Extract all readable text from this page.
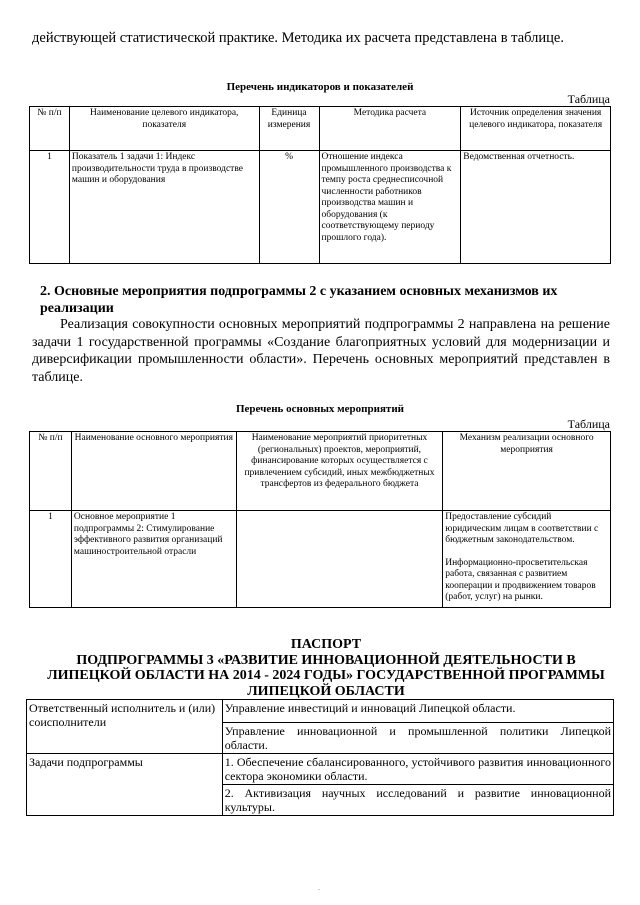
действующей статистической практике. Методика их расчета представлена в таблице.
Перечень индикаторов и показателей
Таблица
№ п/п	Наименование целевого индикатора, показателя	Единица измерения	Методика расчета	Источник определения значения целевого индикатора, показателя
1	Показатель 1 задачи 1: Индекс производительности труда в производстве машин и оборудования	%	Отношение индекса промышленного производства к темпу роста среднесписочной численности работников производства машин и оборудования (к соответствующему периоду прошлого года).	Ведомственная отчетность.
2. Основные мероприятия подпрограммы 2 с указанием основных механизмов их реализации
Реализация совокупности основных мероприятий подпрограммы 2 направлена на решение задачи 1 государственной программы «Создание благоприятных условий для модернизации и диверсификации промышленности области». Перечень основных мероприятий представлен в таблице.
Перечень основных мероприятий
Таблица
№ п/п	Наименование основного мероприятия	Наименование мероприятий приоритетных (региональных) проектов, мероприятий, финансирование которых осуществляется с привлечением субсидий, иных межбюджетных трансфертов из федерального бюджета	Механизм реализации основного мероприятия
1	Основное мероприятие 1 подпрограммы 2: Стимулирование эффективного развития организаций машиностроительной отрасли		Предоставление субсидий юридическим лицам в соответствии с бюджетным законодательством.
Информационно-просветительская работа, связанная с развитием кооперации и продвижением товаров (работ, услуг) на рынки.
ПАСПОРТ
ПОДПРОГРАММЫ 3 «РАЗВИТИЕ ИННОВАЦИОННОЙ ДЕЯТЕЛЬНОСТИ В ЛИПЕЦКОЙ ОБЛАСТИ НА 2014 - 2024 ГОДЫ» ГОСУДАРСТВЕННОЙ ПРОГРАММЫ ЛИПЕЦКОЙ ОБЛАСТИ
Ответственный исполнитель и (или) соисполнители	Управление инвестиций и инноваций Липецкой области.
	Управление инновационной и промышленной политики Липецкой области.
Задачи подпрограммы	1. Обеспечение сбалансированного, устойчивого развития инновационного сектора экономики области.
	2. Активизация научных исследований и развитие инновационной культуры.
.
